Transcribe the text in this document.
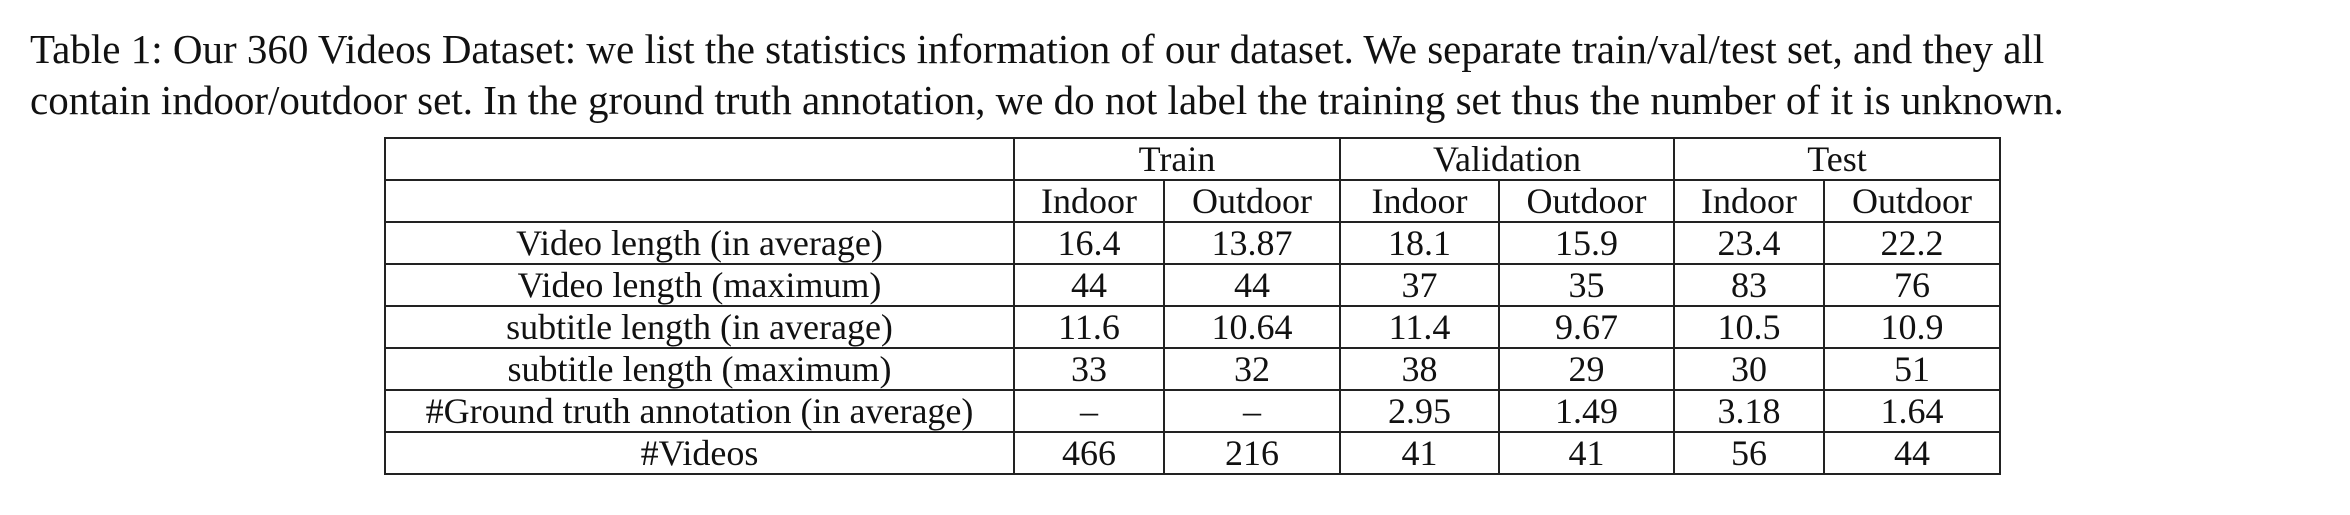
Table 1: Our 360 Videos Dataset: we list the statistics information of our dataset. We separate train/val/test set, and they all
contain indoor/outdoor set. In the ground truth annotation, we do not label the training set thus the number of it is unknown.
	Train		Validation		Test	
	Indoor	Outdoor	Indoor	Outdoor	Indoor	Outdoor
Video length (in average)	16.4	13.87	18.1	15.9	23.4	22.2
Video length (maximum)	44	44	37	35	83	76
subtitle length (in average)	11.6	10.64	11.4	9.67	10.5	10.9
subtitle length (maximum)	33	32	38	29	30	51
#Ground truth annotation (in average)	–	–	2.95	1.49	3.18	1.64
#Videos	466	216	41	41	56	44
